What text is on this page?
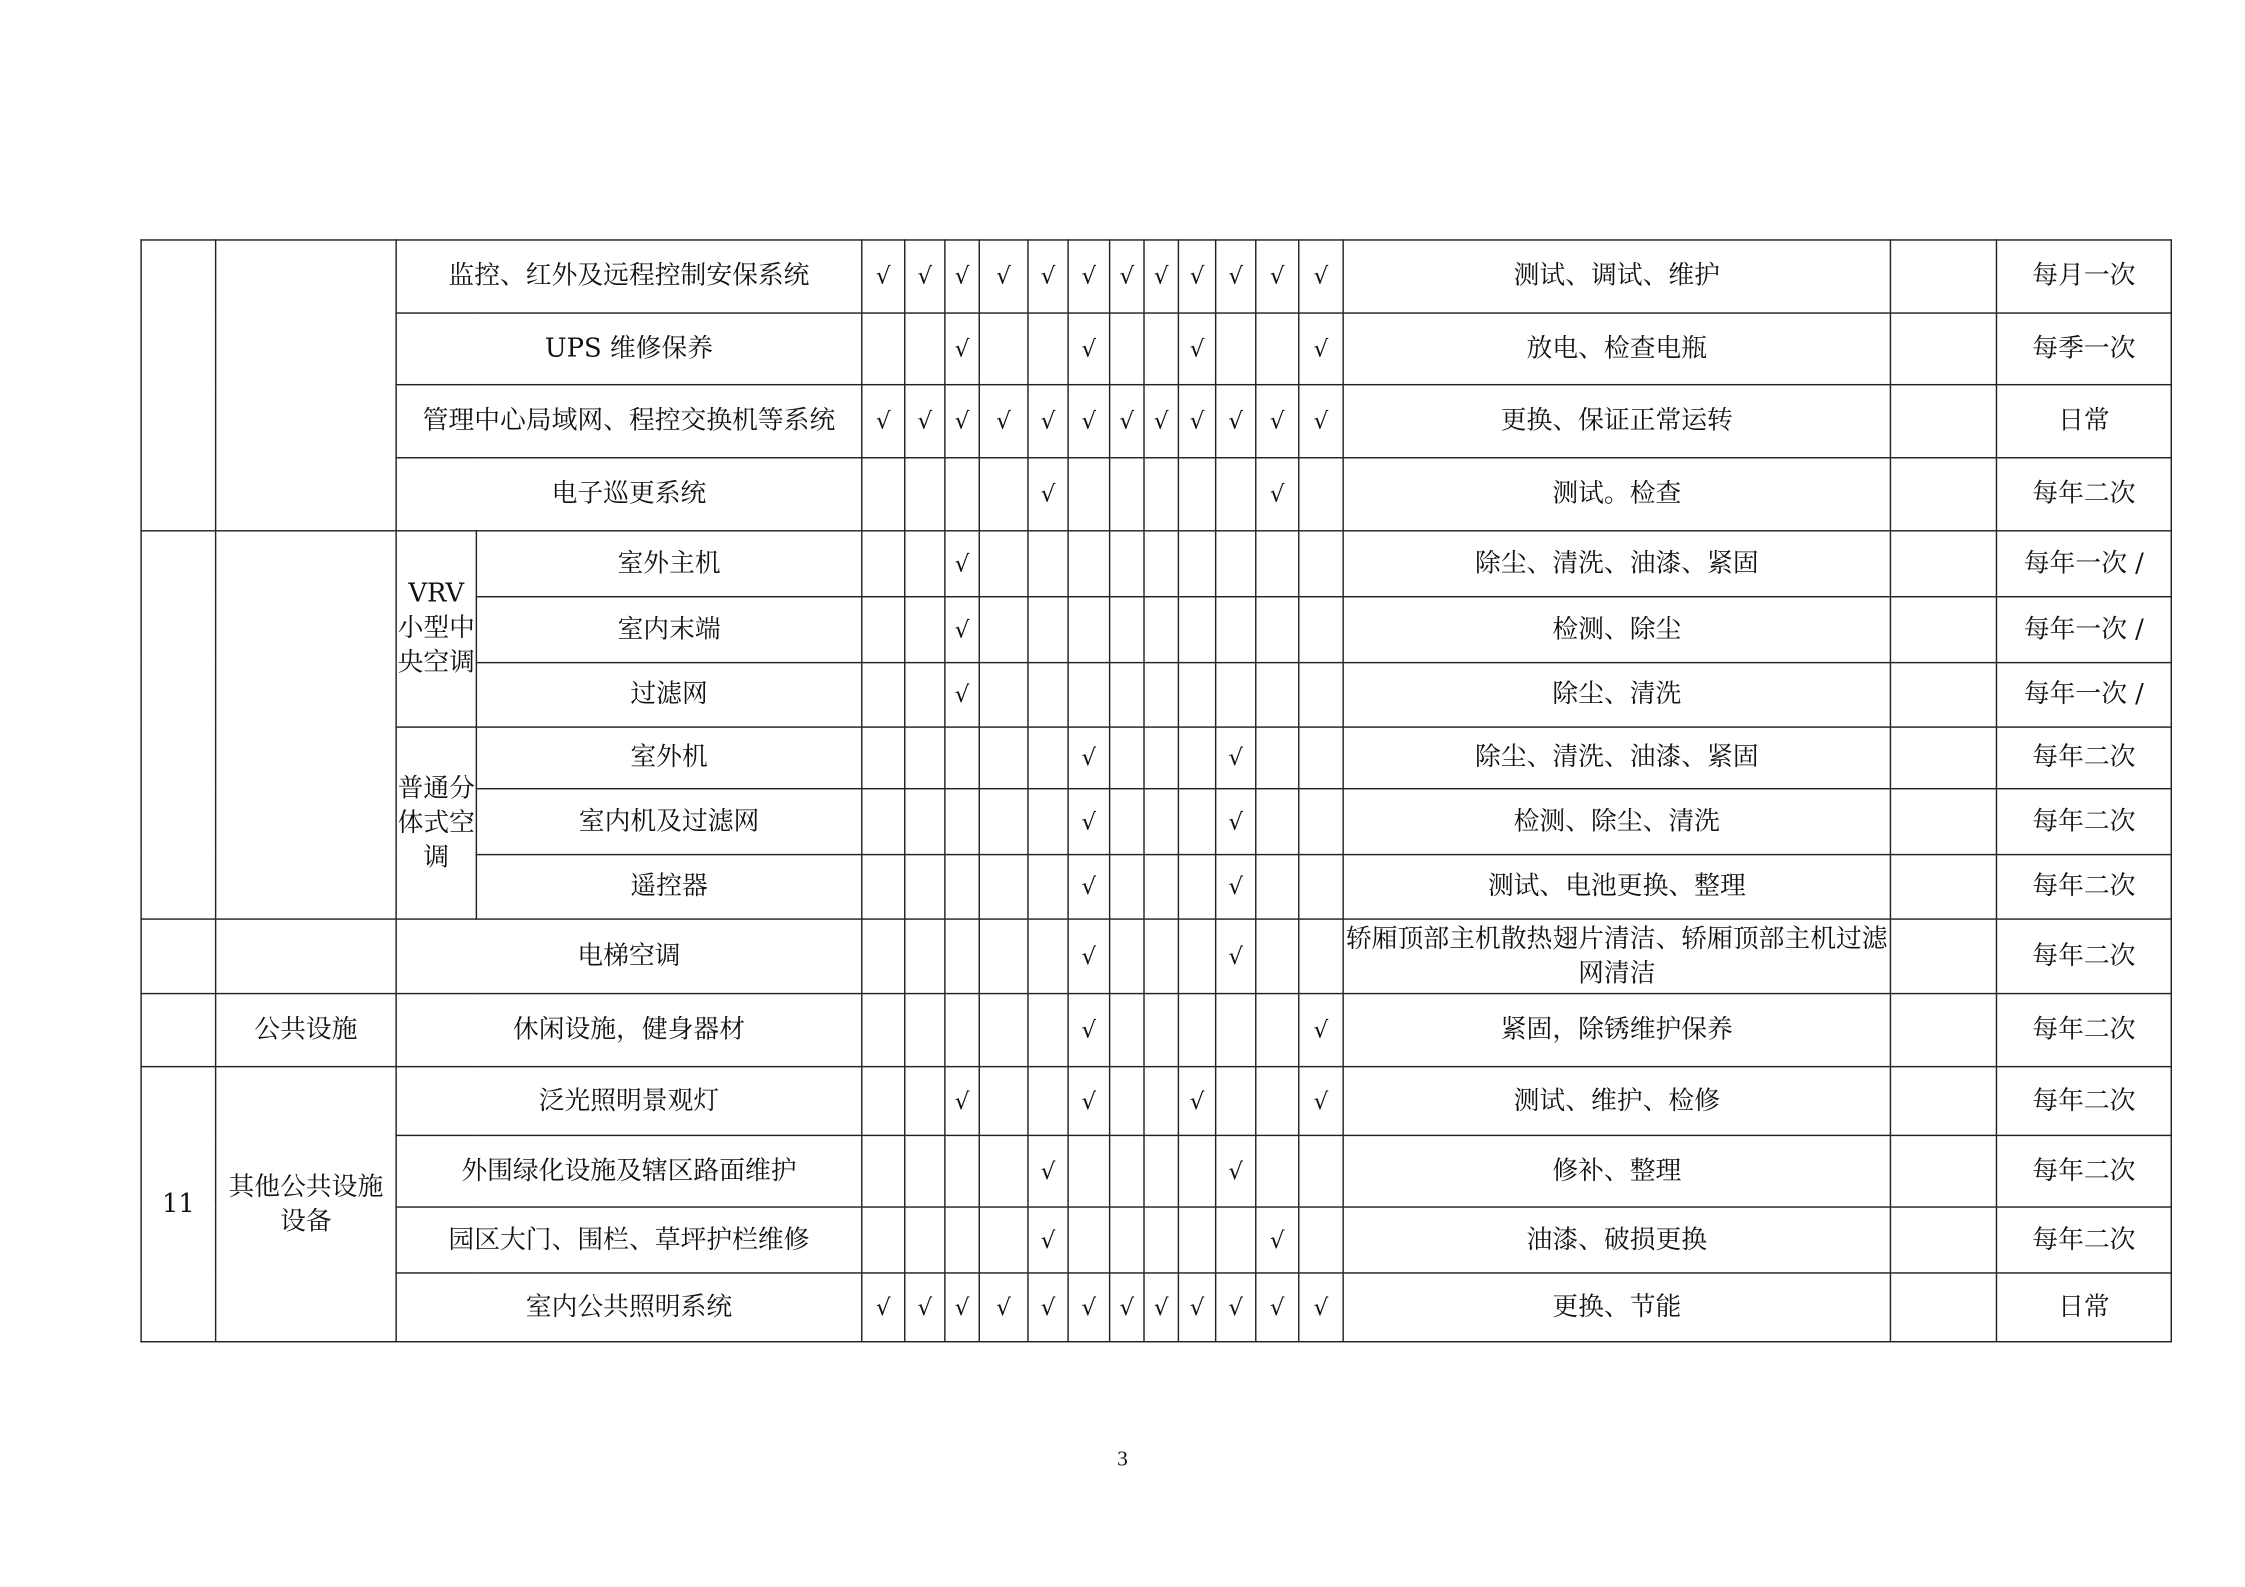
		监控、红外及远程控制安保系统		√	√	√	√	√	√	√	√	√	√	√	√	测试、调试、维护		每月一次
		UPS 维修保养				√			√			√			√	放电、检查电瓶		每季一次
		管理中心局域网、程控交换机等系统		√	√	√	√	√	√	√	√	√	√	√	√	更换、保证正常运转		日常
		电子巡更系统						√						√		测试。检查		每年二次
		VRV 小型中央空调	室外主机			√										除尘、清洗、油漆、紧固		每年一次 /
			室内末端			√										检测、除尘		每年一次 /
			过滤网			√										除尘、清洗		每年一次 /
		普通分体式空调	室外机						√				√			除尘、清洗、油漆、紧固		每年二次
			室内机及过滤网						√				√			检测、除尘、清洗		每年二次
			遥控器						√				√			测试、电池更换、整理		每年二次
		电梯空调							√				√			轿厢顶部主机散热翅片清洁、轿厢顶部主机过滤网清洁		每年二次
	公共设施	休闲设施，健身器材							√						√	紧固，除锈维护保养		每年二次
11	其他公共设施设备	泛光照明景观灯				√			√			√			√	测试、维护、检修		每年二次
		外围绿化设施及辖区路面维护						√					√			修补、整理		每年二次
		园区大门、围栏、草坪护栏维修						√						√		油漆、破损更换		每年二次
		室内公共照明系统		√	√	√	√	√	√	√	√	√	√	√	√	更换、节能		日常
3
